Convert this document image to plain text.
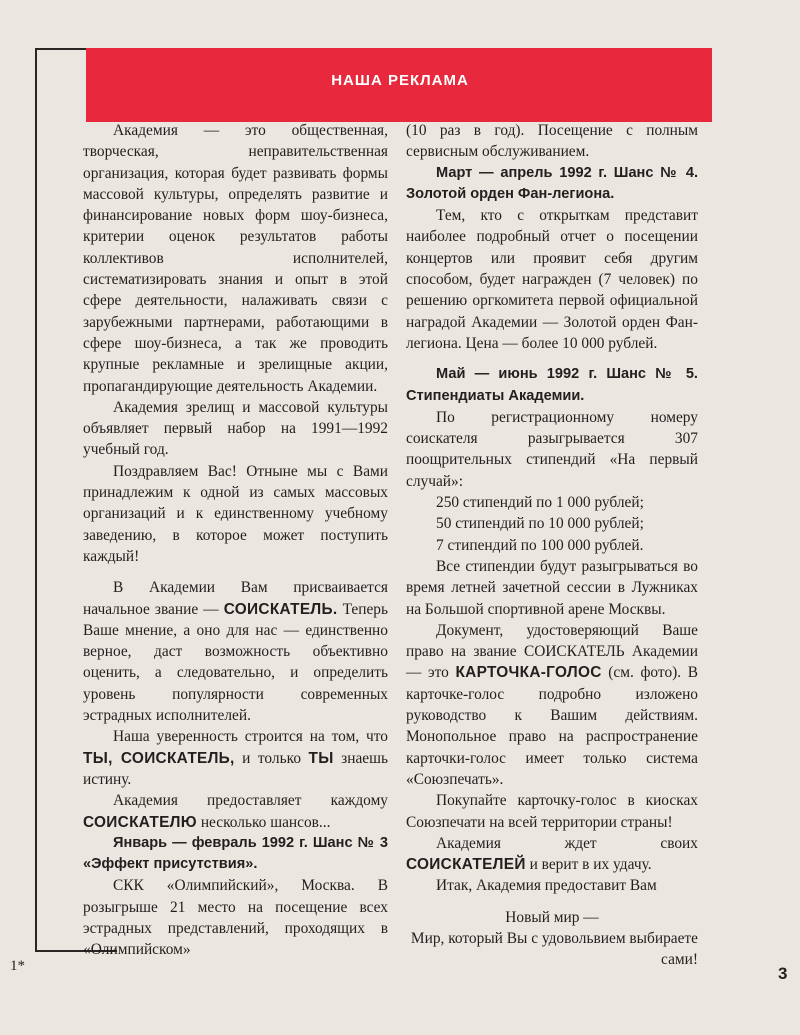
НАША РЕКЛАМА

Академия — это общественная, творческая, неправительственная организация, которая будет развивать формы массовой культуры, определять развитие и финансирование новых форм шоу-бизнеса, критерии оценок результатов работы коллективов исполнителей, систематизировать знания и опыт в этой сфере деятельности, налаживать связи с зарубежными партнерами, работающими в сфере шоу-бизнеса, а так же проводить крупные рекламные и зрелищные акции, пропагандирующие деятельность Академии.

Академия зрелищ и массовой культуры объявляет первый набор на 1991—1992 учебный год.

Поздравляем Вас! Отныне мы с Вами принадлежим к одной из самых массовых организаций и к единственному учебному заведению, в которое может поступить каждый!

В Академии Вам присваивается начальное звание — СОИСКАТЕЛЬ. Теперь Ваше мнение, а оно для нас — единственно верное, даст возможность объективно оценить, а следовательно, и определить уровень популярности современных эстрадных исполнителей.

Наша уверенность строится на том, что ТЫ, СОИСКАТЕЛЬ, и только ТЫ знаешь истину.

Академия предоставляет каждому СОИСКАТЕЛЮ несколько шансов...

Январь — февраль 1992 г. Шанс № 3 «Эффект присутствия».

СКК «Олимпийский», Москва. В розыгрыше 21 место на посещение всех эстрадных представлений, проходящих в «Олимпийском»

(10 раз в год). Посещение с полным сервисным обслуживанием.

Март — апрель 1992 г. Шанс № 4. Золотой орден Фан-легиона.

Тем, кто с открыткам представит наиболее подробный отчет о посещении концертов или проявит себя другим способом, будет награжден (7 человек) по решению оргкомитета первой официальной наградой Академии — Золотой орден Фан-легиона. Цена — более 10 000 рублей.

Май — июнь 1992 г. Шанс № 5. Стипендиаты Академии.

По регистрационному номеру соискателя разыгрывается 307 поощрительных стипендий «На первый случай»:

250 стипендий по 1 000 рублей;

50 стипендий по 10 000 рублей;

7 стипендий по 100 000 рублей.

Все стипендии будут разыгрываться во время летней зачетной сессии в Лужниках на Большой спортивной арене Москвы.

Документ, удостоверяющий Ваше право на звание СОИСКАТЕЛЬ Академии — это КАРТОЧКА-ГОЛОС (см. фото). В карточке-голос подробно изложено руководство к Вашим действиям. Монопольное право на распространение карточки-голос имеет только система «Союзпечать».

Покупайте карточку-голос в киосках Союзпечати на всей территории страны!

Академия ждет своих СОИСКАТЕЛЕЙ и верит в их удачу.

Итак, Академия предоставит Вам

Новый мир —

Мир, который Вы с удовольвием выбираете сами!

1*	3
